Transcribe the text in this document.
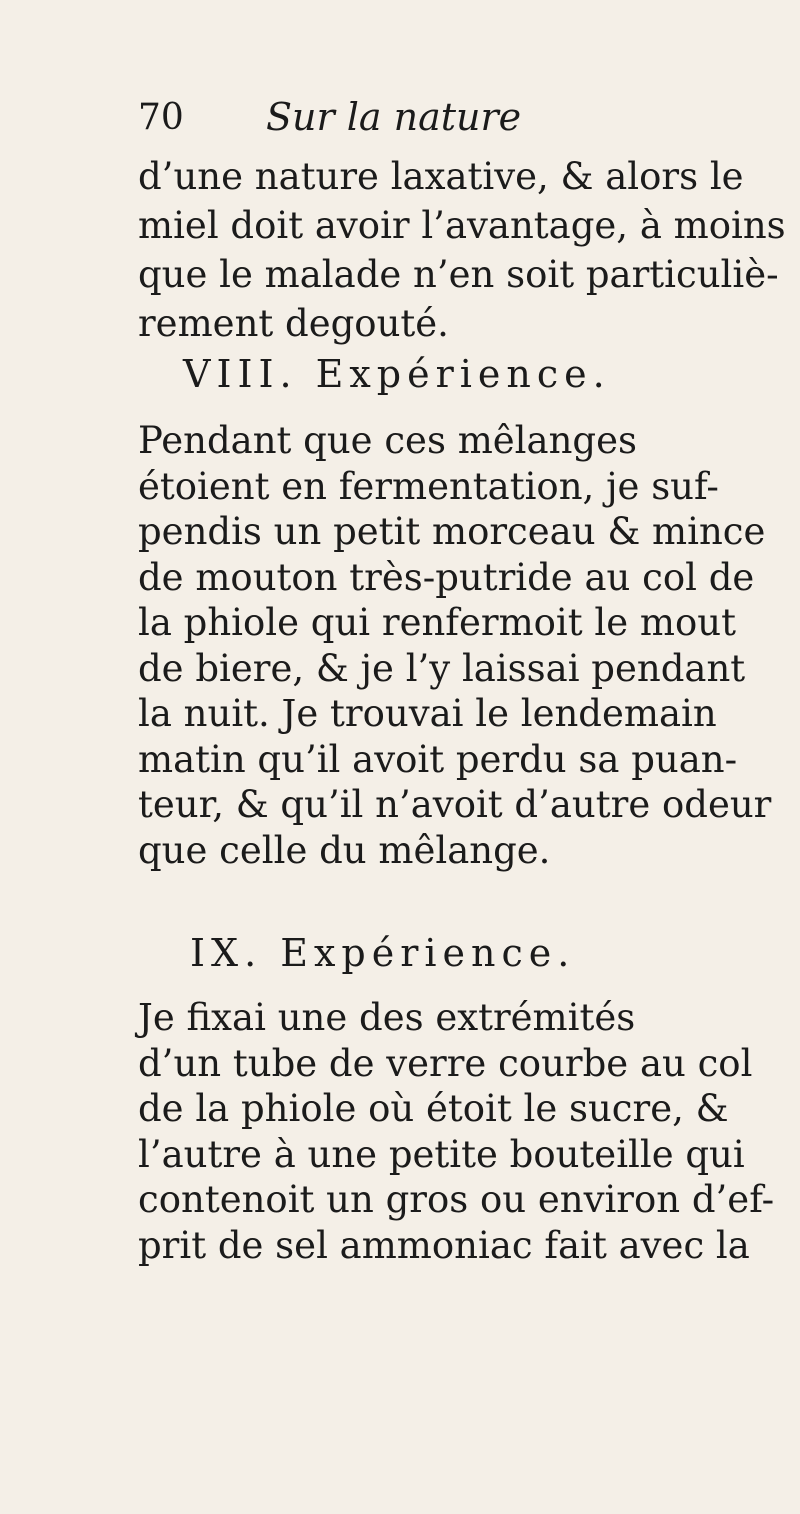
70 Sur la nature
d’une nature laxative, & alors le
miel doit avoir l’avantage, à moins
que le malade n’en soit particuliè-
rement degouté.
VIII. Expérience.
Pendant que ces mêlanges
étoient en fermentation, je suf-
pendis un petit morceau & mince
de mouton très-putride au col de
la phiole qui renfermoit le mout
de biere, & je l’y laissai pendant
la nuit. Je trouvai le lendemain
matin qu’il avoit perdu sa puan-
teur, & qu’il n’avoit d’autre odeur
que celle du mêlange.
IX. Expérience.
Je fixai une des extrémités
d’un tube de verre courbe au col
de la phiole où étoit le sucre, &
l’autre à une petite bouteille qui
contenoit un gros ou environ d’ef-
prit de sel ammoniac fait avec la
